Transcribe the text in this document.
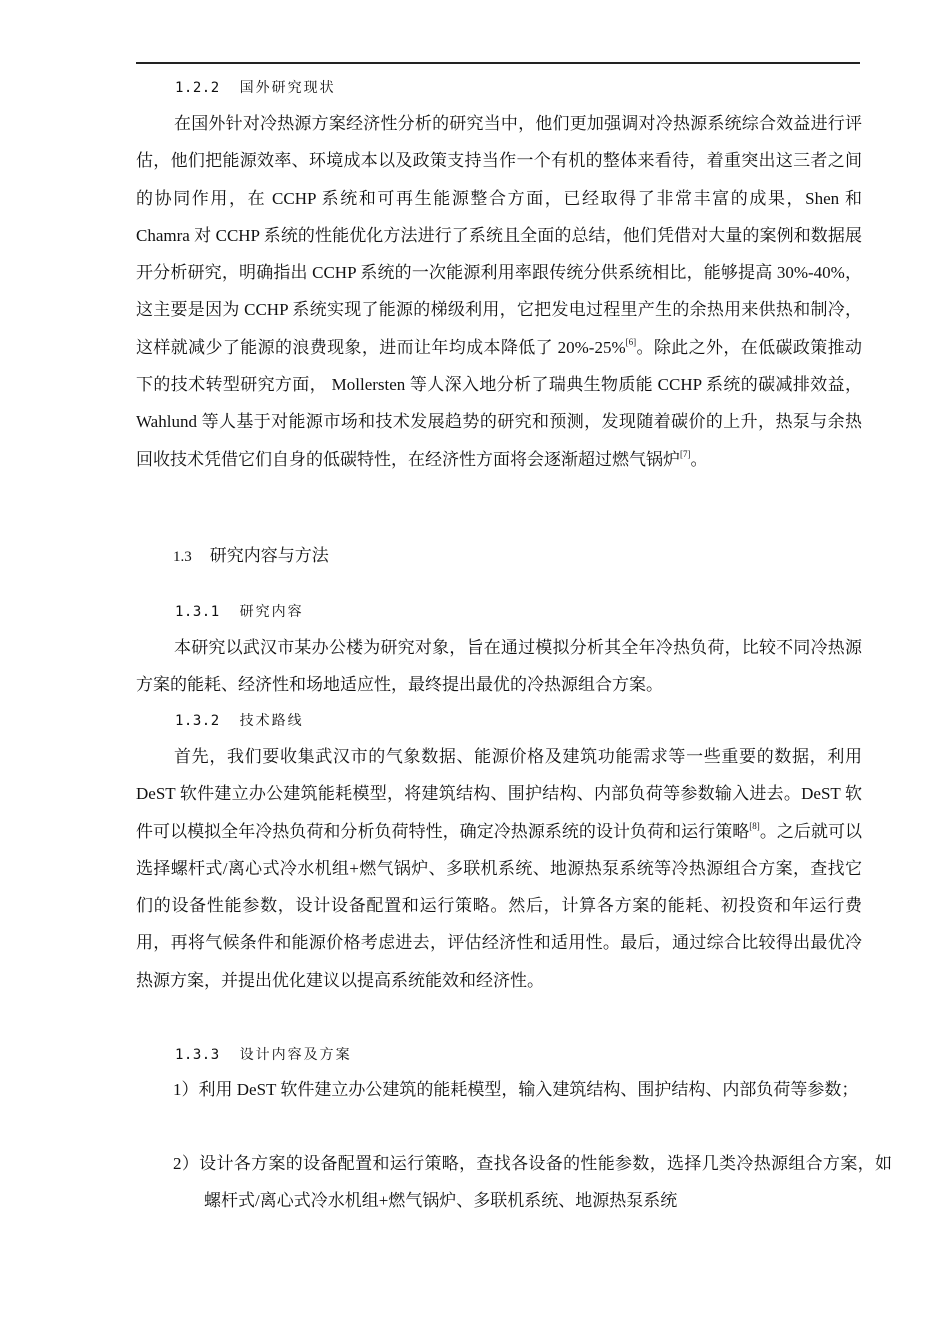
1.2.2 国外研究现状

在国外针对冷热源方案经济性分析的研究当中，他们更加强调对冷热源系统综合效益进行评估，他们把能源效率、环境成本以及政策支持当作一个有机的整体来看待，着重突出这三者之间的协同作用，在 CCHP 系统和可再生能源整合方面，已经取得了非常丰富的成果，Shen 和 Chamra 对 CCHP 系统的性能优化方法进行了系统且全面的总结，他们凭借对大量的案例和数据展开分析研究，明确指出 CCHP 系统的一次能源利用率跟传统分供系统相比，能够提高 30%-40%，这主要是因为 CCHP 系统实现了能源的梯级利用，它把发电过程里产生的余热用来供热和制冷，这样就减少了能源的浪费现象，进而让年均成本降低了 20%-25%[6]。除此之外，在低碳政策推动下的技术转型研究方面， Mollersten 等人深入地分析了瑞典生物质能 CCHP 系统的碳减排效益， Wahlund 等人基于对能源市场和技术发展趋势的研究和预测，发现随着碳价的上升，热泵与余热回收技术凭借它们自身的低碳特性，在经济性方面将会逐渐超过燃气锅炉[7]。

1.3 研究内容与方法
1.3.1 研究内容

本研究以武汉市某办公楼为研究对象，旨在通过模拟分析其全年冷热负荷，比较不同冷热源方案的能耗、经济性和场地适应性，最终提出最优的冷热源组合方案。

1.3.2 技术路线

首先，我们要收集武汉市的气象数据、能源价格及建筑功能需求等一些重要的数据，利用 DeST 软件建立办公建筑能耗模型，将建筑结构、围护结构、内部负荷等参数输入进去。DeST 软件可以模拟全年冷热负荷和分析负荷特性，确定冷热源系统的设计负荷和运行策略[8]。之后就可以选择螺杆式/离心式冷水机组+燃气锅炉、多联机系统、地源热泵系统等冷热源组合方案，查找它们的设备性能参数，设计设备配置和运行策略。然后，计算各方案的能耗、初投资和年运行费用，再将气候条件和能源价格考虑进去，评估经济性和适用性。最后，通过综合比较得出最优冷热源方案，并提出优化建议以提高系统能效和经济性。

1.3.3 设计内容及方案

1）利用 DeST 软件建立办公建筑的能耗模型，输入建筑结构、围护结构、内部负荷等参数；

2）设计各方案的设备配置和运行策略，查找各设备的性能参数，选择几类冷热源组合方案，如螺杆式/离心式冷水机组+燃气锅炉、多联机系统、地源热泵系统
